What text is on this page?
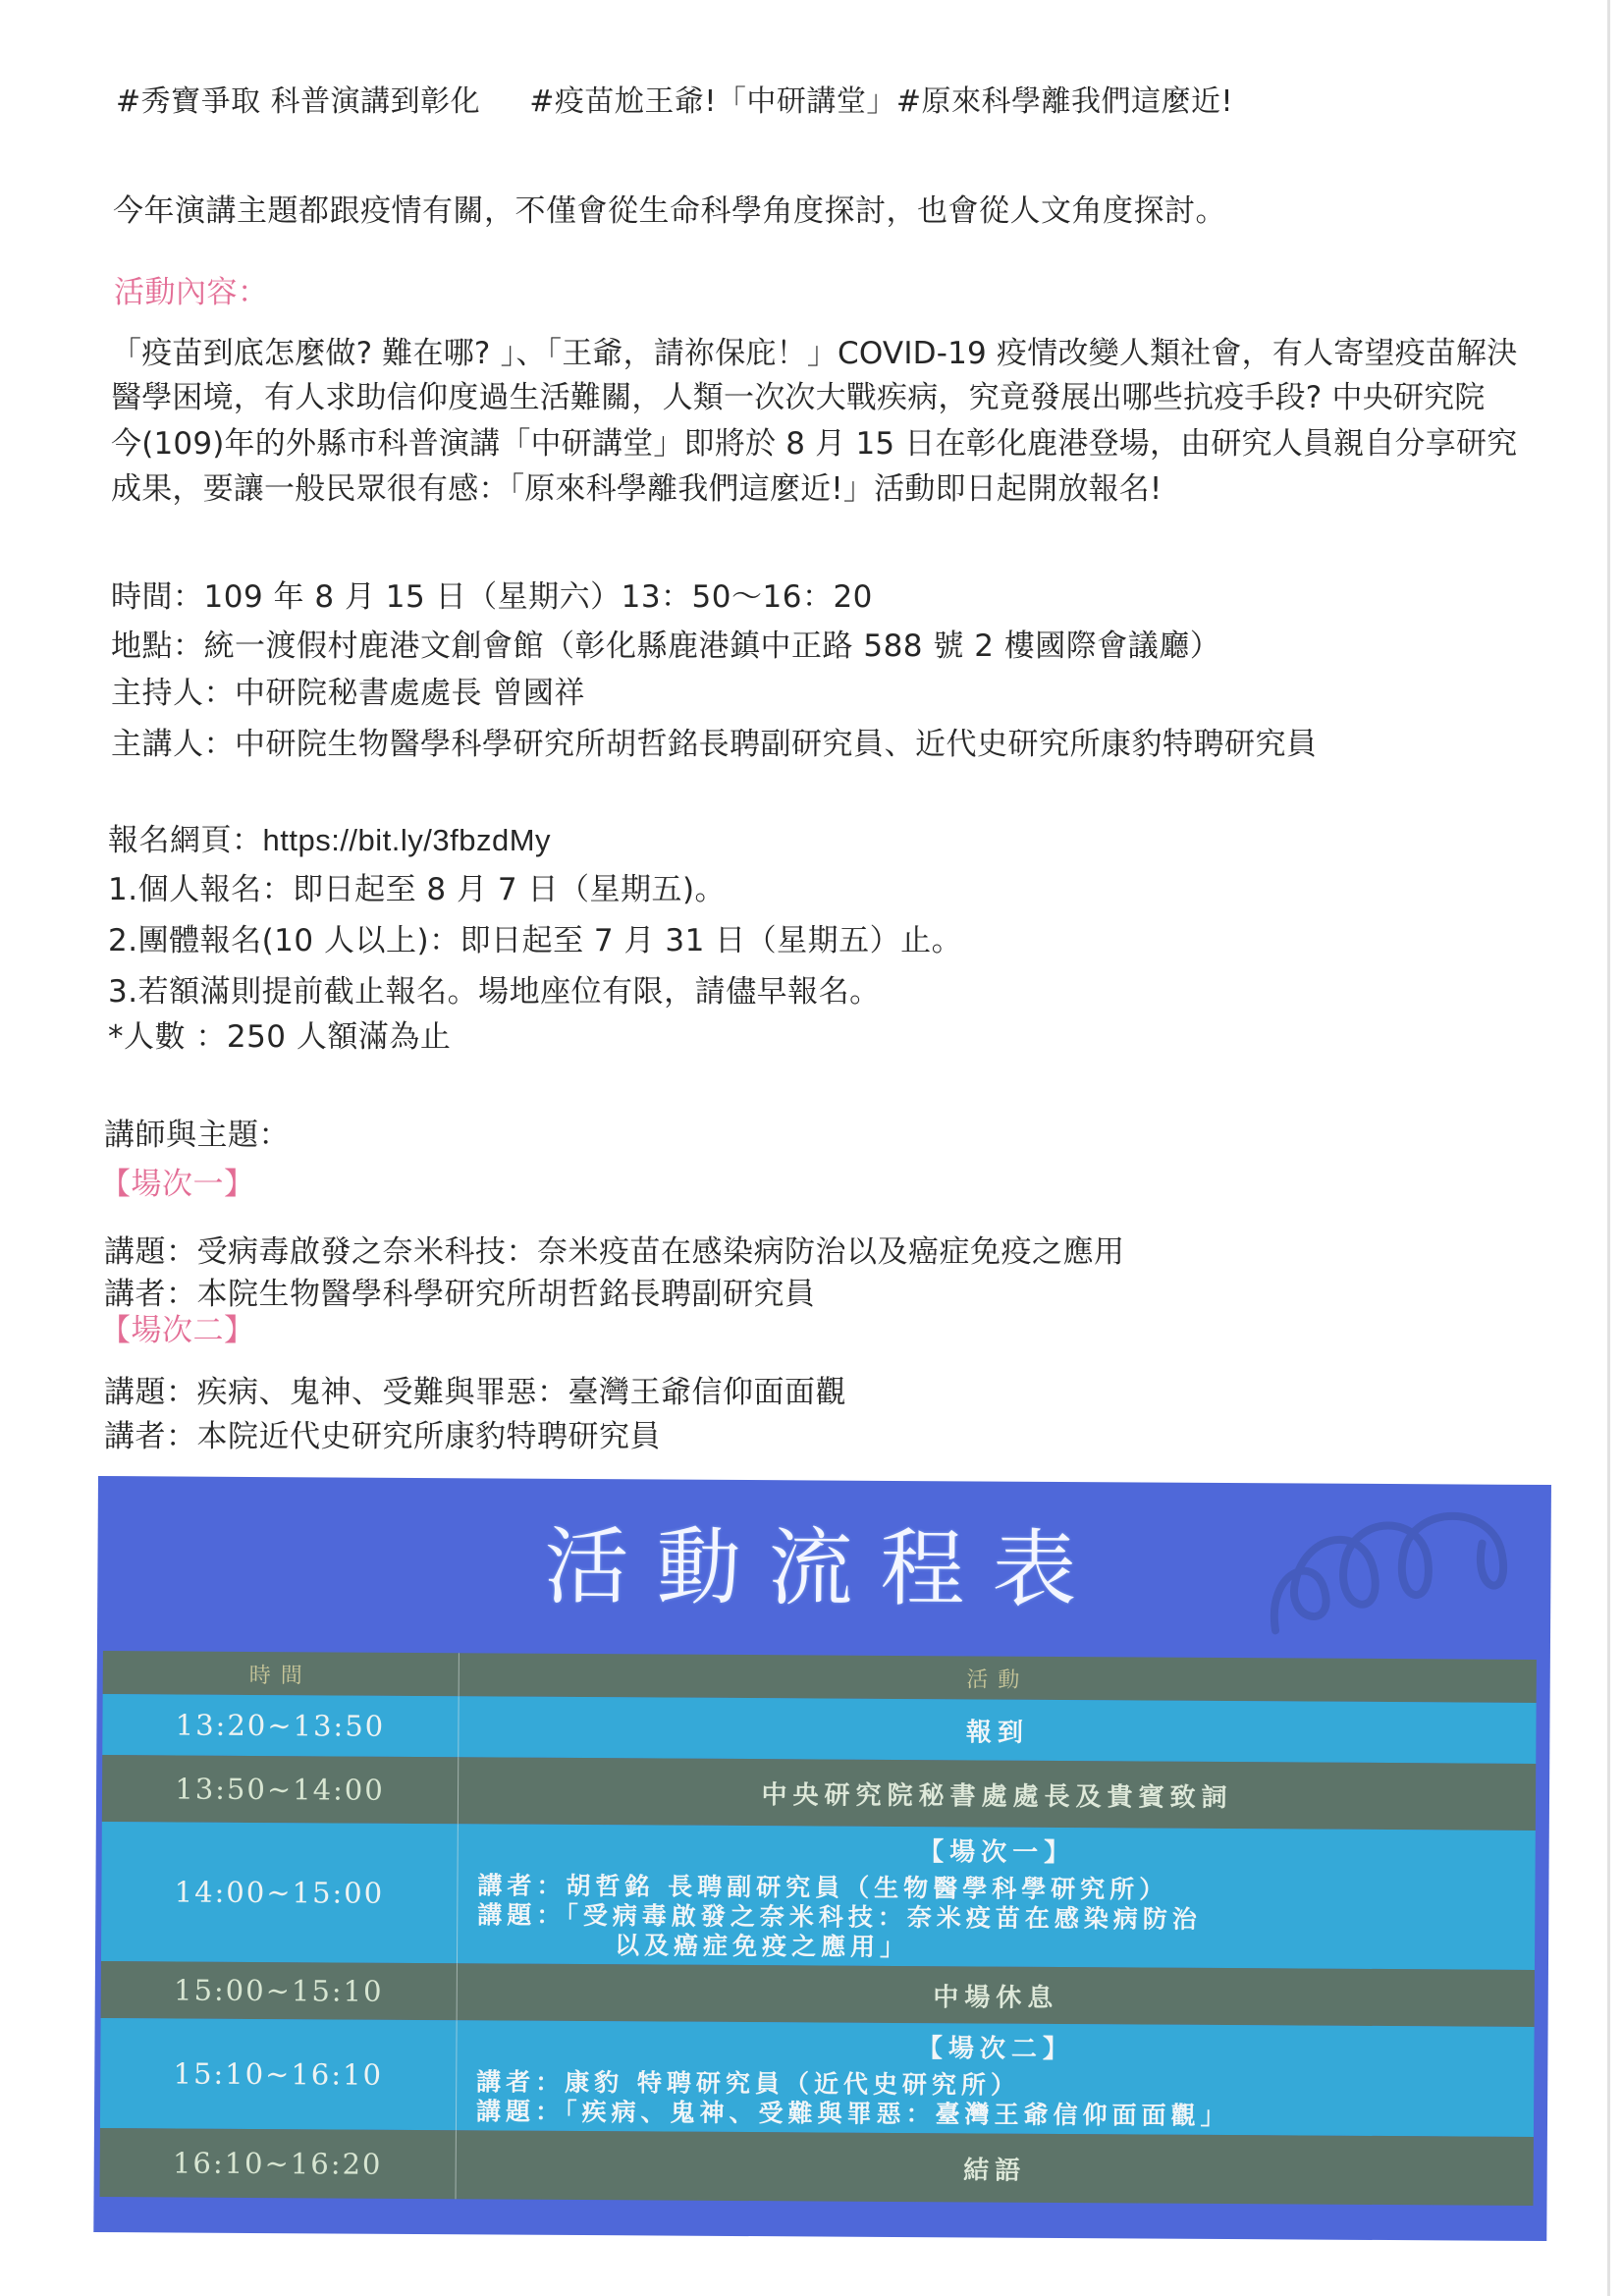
#秀寶爭取 科普演講到彰化 #疫苗尬王爺!「中研講堂」#原來科學離我們這麼近!
今年演講主題都跟疫情有關，不僅會從生命科學角度探討，也會從人文角度探討。
活動內容：
「疫苗到底怎麼做? 難在哪? 」、「王爺，請祢保庇！」COVID-19 疫情改變人類社會，有人寄望疫苗解決
醫學困境，有人求助信仰度過生活難關，人類一次次大戰疾病，究竟發展出哪些抗疫手段? 中央研究院
今(109)年的外縣市科普演講「中研講堂」即將於 8 月 15 日在彰化鹿港登場，由研究人員親自分享研究
成果，要讓一般民眾很有感：「原來科學離我們這麼近!」活動即日起開放報名!
時間：109 年 8 月 15 日（星期六）13：50～16：20
地點：統一渡假村鹿港文創會館（彰化縣鹿港鎮中正路 588 號 2 樓國際會議廳）
主持人：中研院秘書處處長 曾國祥
主講人：中研院生物醫學科學研究所胡哲銘長聘副研究員、近代史研究所康豹特聘研究員
報名網頁：https://bit.ly/3fbzdMy
1.個人報名：即日起至 8 月 7 日（星期五)。
2.團體報名(10 人以上)：即日起至 7 月 31 日（星期五）止。
3.若額滿則提前截止報名。場地座位有限，請儘早報名。
*人數 ：250 人額滿為止
講師與主題：
【場次一】
講題：受病毒啟發之奈米科技：奈米疫苗在感染病防治以及癌症免疫之應用
講者：本院生物醫學科學研究所胡哲銘長聘副研究員
【場次二】
講題：疾病、鬼神、受難與罪惡：臺灣王爺信仰面面觀
講者：本院近代史研究所康豹特聘研究員
活動流程表
時間	活動
13:20~13:50	報到
13:50~14:00	中央研究院秘書處處長及貴賓致詞
14:00~15:00
【場次一】
講者：胡哲銘 長聘副研究員（生物醫學科學研究所）
講題：「受病毒啟發之奈米科技：奈米疫苗在感染病防治
以及癌症免疫之應用」
15:00~15:10	中場休息
15:10~16:10
【場次二】
講者：康豹 特聘研究員（近代史研究所）
講題：「疾病、鬼神、受難與罪惡：臺灣王爺信仰面面觀」
16:10~16:20	結語
